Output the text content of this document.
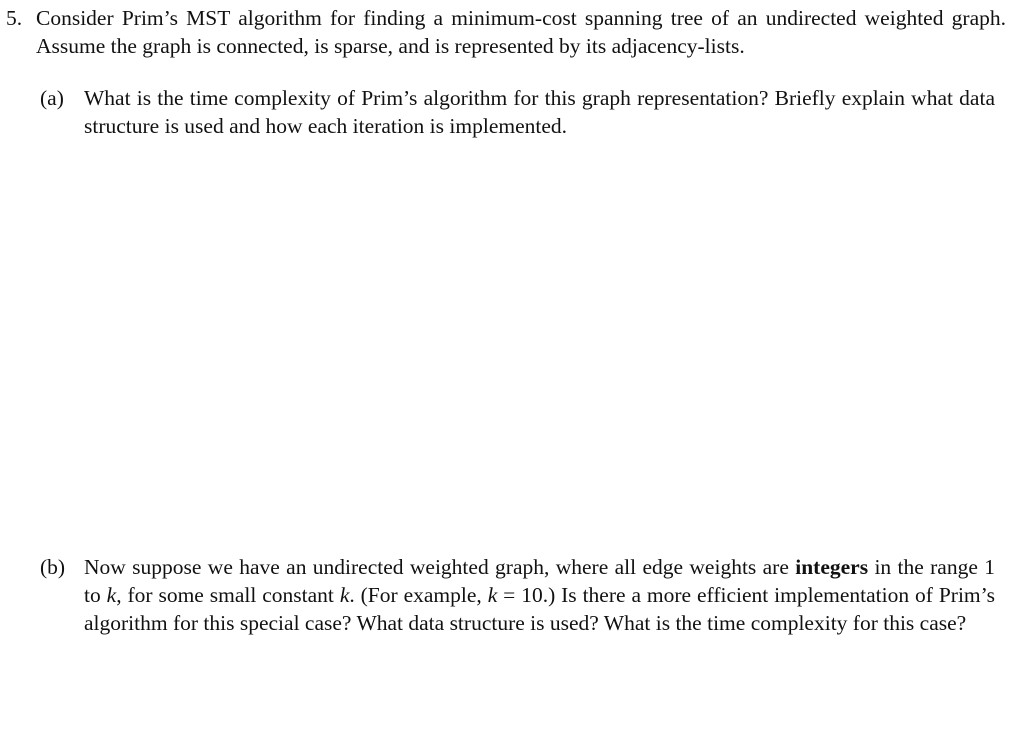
5. Consider Prim’s MST algorithm for finding a minimum-cost spanning tree of an undirected weighted graph. Assume the graph is connected, is sparse, and is represented by its adjacency-lists.
(a) What is the time complexity of Prim’s algorithm for this graph representation? Briefly explain what data structure is used and how each iteration is implemented.
(b) Now suppose we have an undirected weighted graph, where all edge weights are integers in the range 1 to k, for some small constant k. (For example, k = 10.) Is there a more efficient implementation of Prim’s algorithm for this special case? What data structure is used? What is the time complexity for this case?
